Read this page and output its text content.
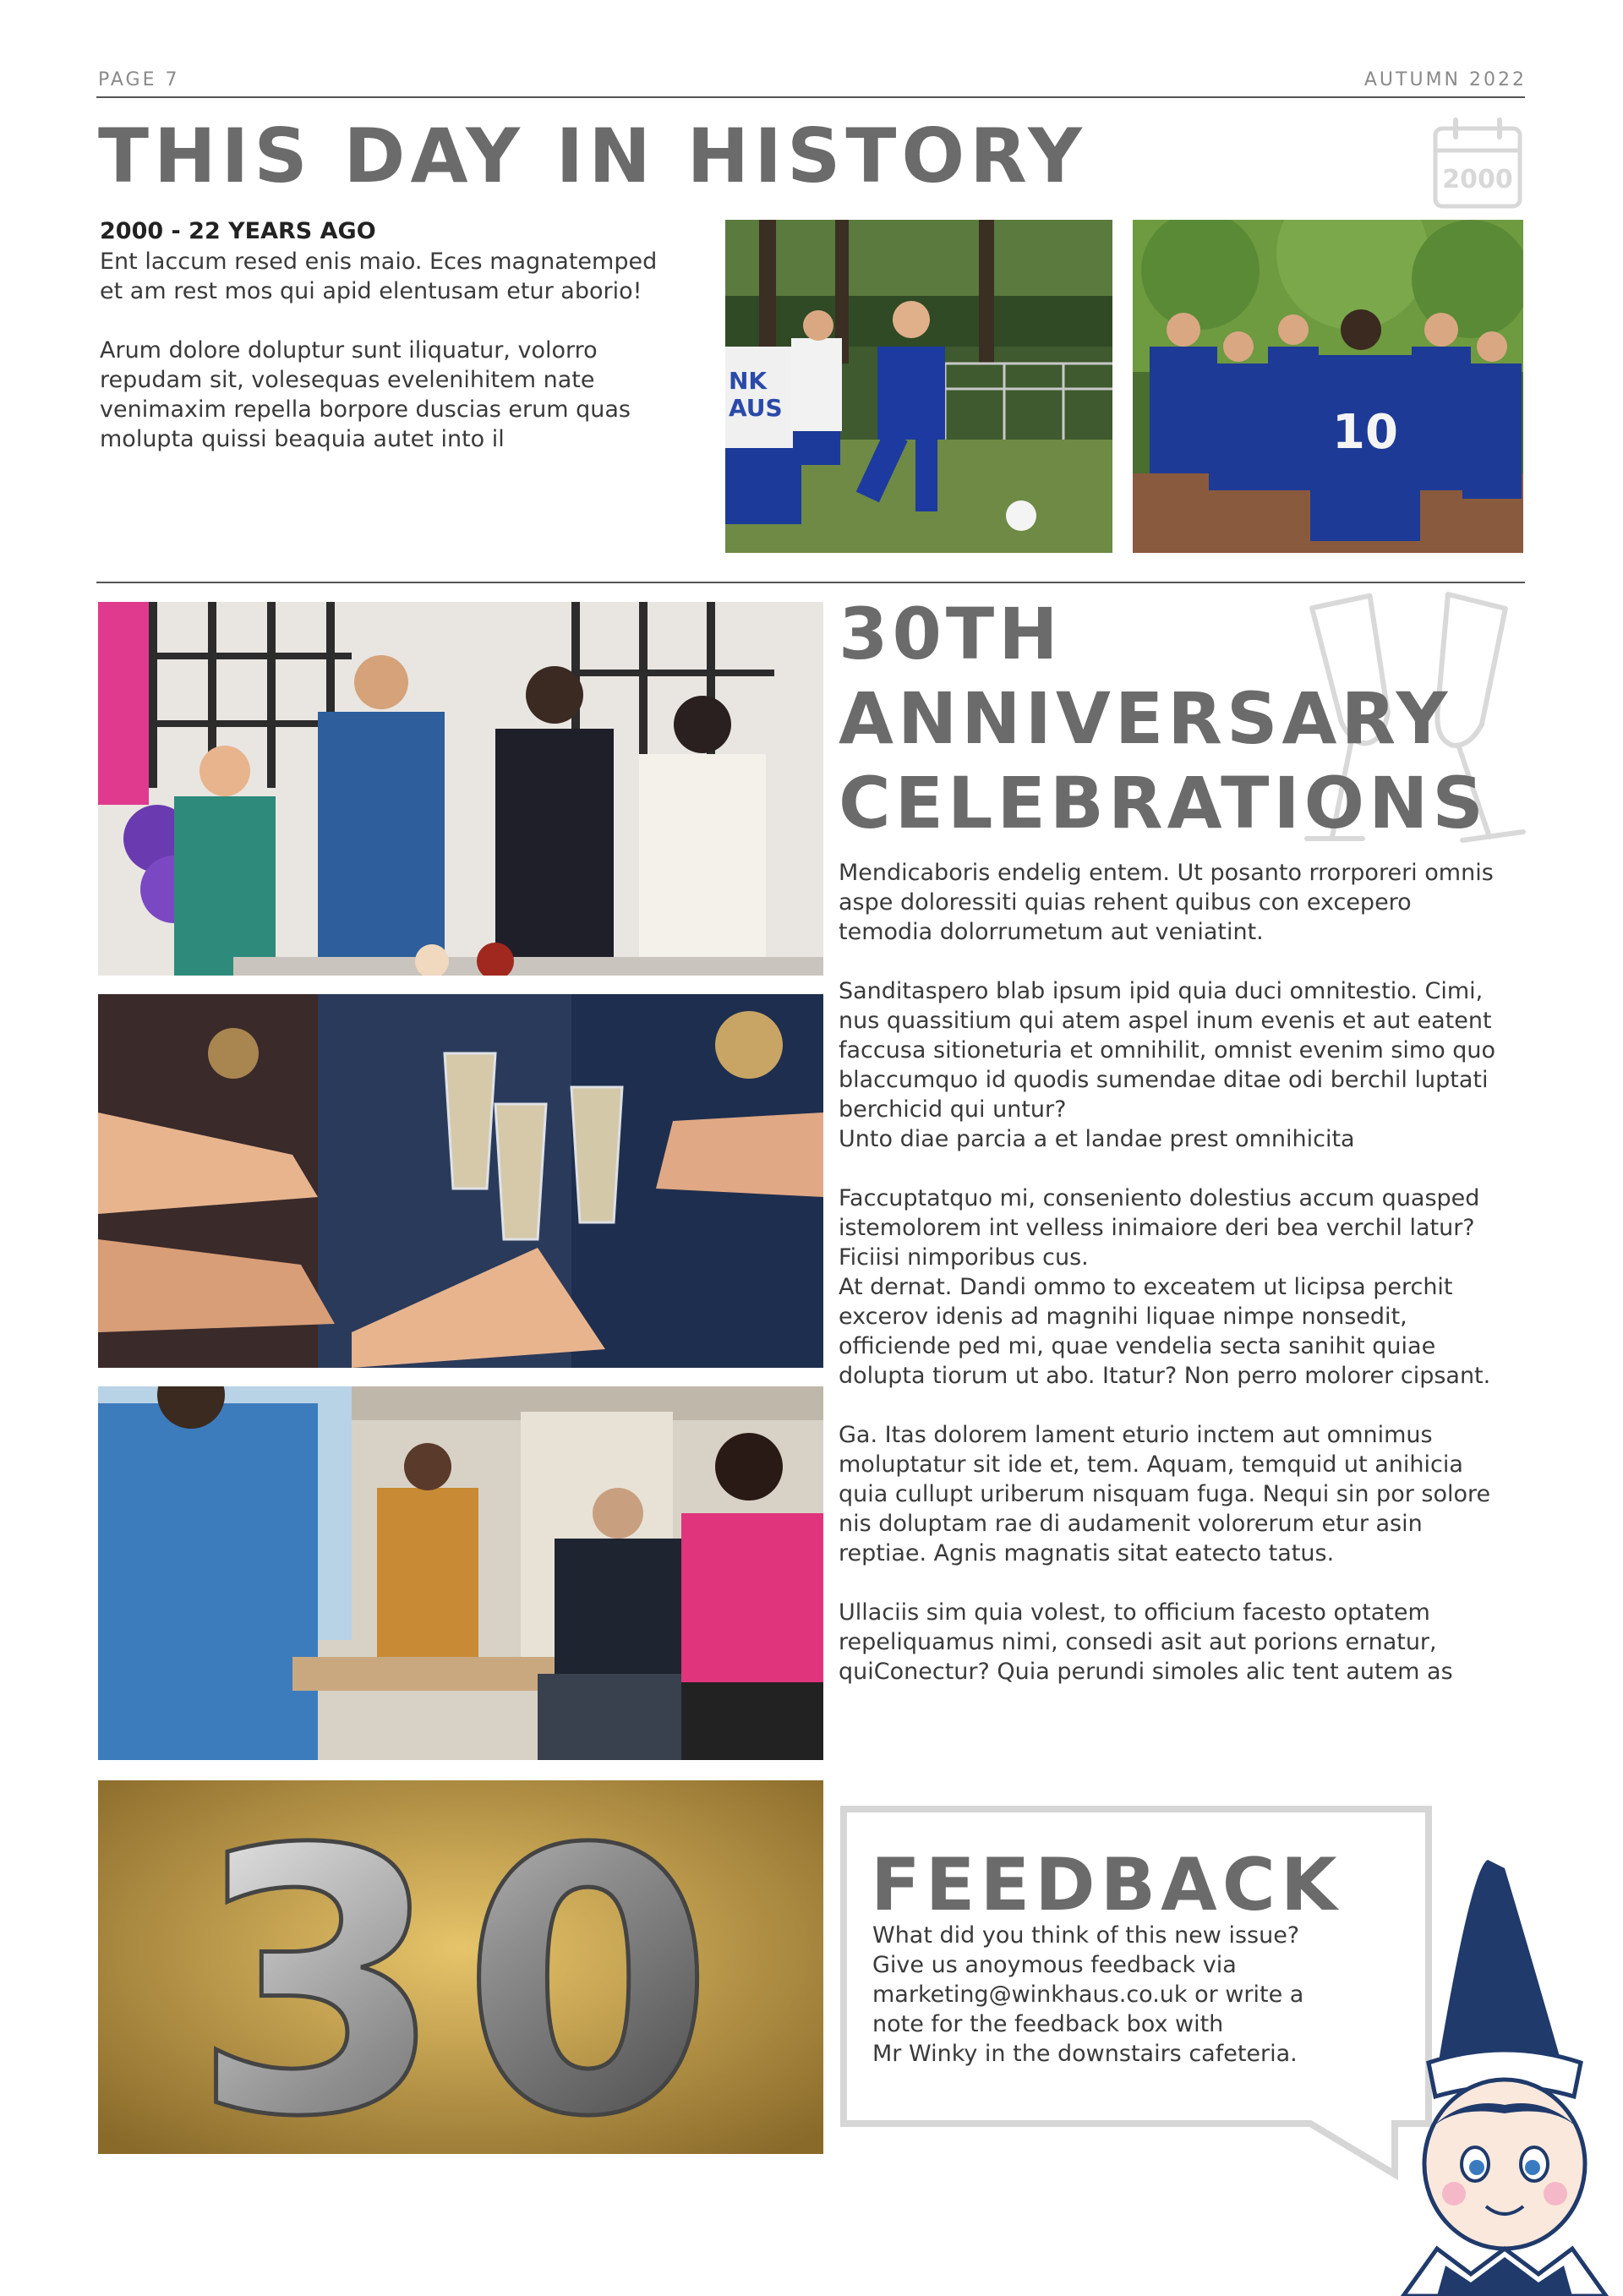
PAGE 7	AUTUMN 2022
THIS DAY IN HISTORY	2000
2000 - 22 YEARS AGO

Ent laccum resed enis maio. Eces magnatemped et am rest mos qui apid elentusam etur aborio!

Arum dolore doluptur sunt iliquatur, volorro repudam sit, volesequas evelenihitem nate venimaxim repella borpore duscias erum quas molupta quissi beaquia autet into il

NK
AUS	10
30
30TH
ANNIVERSARY
CELEBRATIONS

Mendicaboris endelig entem. Ut posanto rrorporeri omnis aspe doloressiti quias rehent quibus con excepero temodia dolorrumetum aut veniatint.

Sanditaspero blab ipsum ipid quia duci omnitestio. Cimi, nus quassitium qui atem aspel inum evenis et aut eatent faccusa sitioneturia et omnihilit, omnist evenim simo quo blaccumquo id quodis sumendae ditae odi berchil luptati berchicid qui untur?
Unto diae parcia a et landae prest omnihicita

Faccuptatquo mi, conseniento dolestius accum quasped istemolorem int velless inimaiore deri bea verchil latur?
Ficiisi nimporibus cus.
At dernat. Dandi ommo to exceatem ut licipsa perchit excerov idenis ad magnihi liquae nimpe nonsedit, officiende ped mi, quae vendelia secta sanihit quiae dolupta tiorum ut abo. Itatur? Non perro molorer cipsant.

Ga. Itas dolorem lament eturio inctem aut omnimus moluptatur sit ide et, tem. Aquam, temquid ut anihicia quia cullupt uriberum nisquam fuga. Nequi sin por solore nis doluptam rae di audamenit volorerum etur asin reptiae. Agnis magnatis sitat eatecto tatus.

Ullaciis sim quia volest, to officium facesto optatem repeliquamus nimi, consedi asit aut porions ernatur, quiConectur? Quia perundi simoles alic tent autem as

FEEDBACK
What did you think of this new issue?
Give us anoymous feedback via
marketing@winkhaus.co.uk or write a
note for the feedback box with
Mr Winky in the downstairs cafeteria.
